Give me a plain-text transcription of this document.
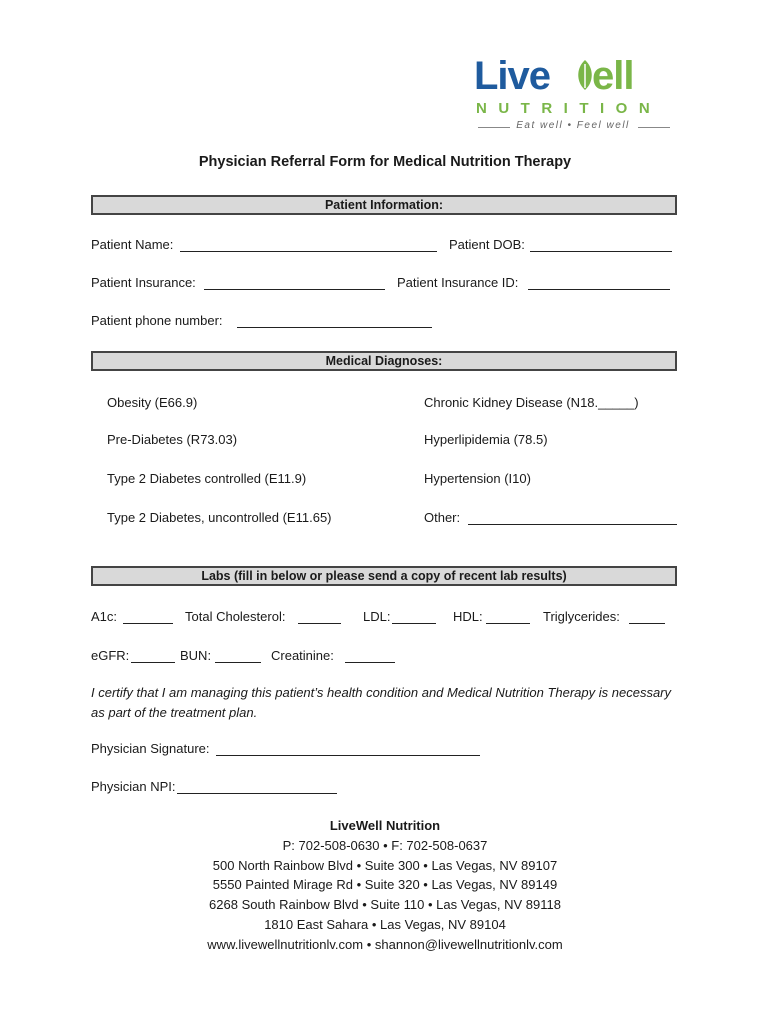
Live ell
NUTRITION
Eat well • Feel well
Physician Referral Form for Medical Nutrition Therapy
Patient Information:
Patient Name:	Patient DOB:
Patient Insurance:	Patient Insurance ID:
Patient phone number:
Medical Diagnoses:
Obesity (E66.9)
Pre-Diabetes (R73.03)
Type 2 Diabetes controlled (E11.9)
Type 2 Diabetes, uncontrolled (E11.65)
Chronic Kidney Disease (N18._____)
Hyperlipidemia (78.5)
Hypertension (I10)
Other:
Labs (fill in below or please send a copy of recent lab results)
A1c:	Total Cholesterol:	LDL:	HDL:	Triglycerides:
eGFR:	BUN:	Creatinine:
I certify that I am managing this patient’s health condition and Medical Nutrition Therapy is necessary as part of the treatment plan.
Physician Signature:
Physician NPI:
LiveWell Nutrition
P: 702-508-0630 • F: 702-508-0637
500 North Rainbow Blvd • Suite 300 • Las Vegas, NV 89107
5550 Painted Mirage Rd • Suite 320 • Las Vegas, NV 89149
6268 South Rainbow Blvd • Suite 110 • Las Vegas, NV 89118
1810 East Sahara • Las Vegas, NV 89104
www.livewellnutritionlv.com • shannon@livewellnutritionlv.com
